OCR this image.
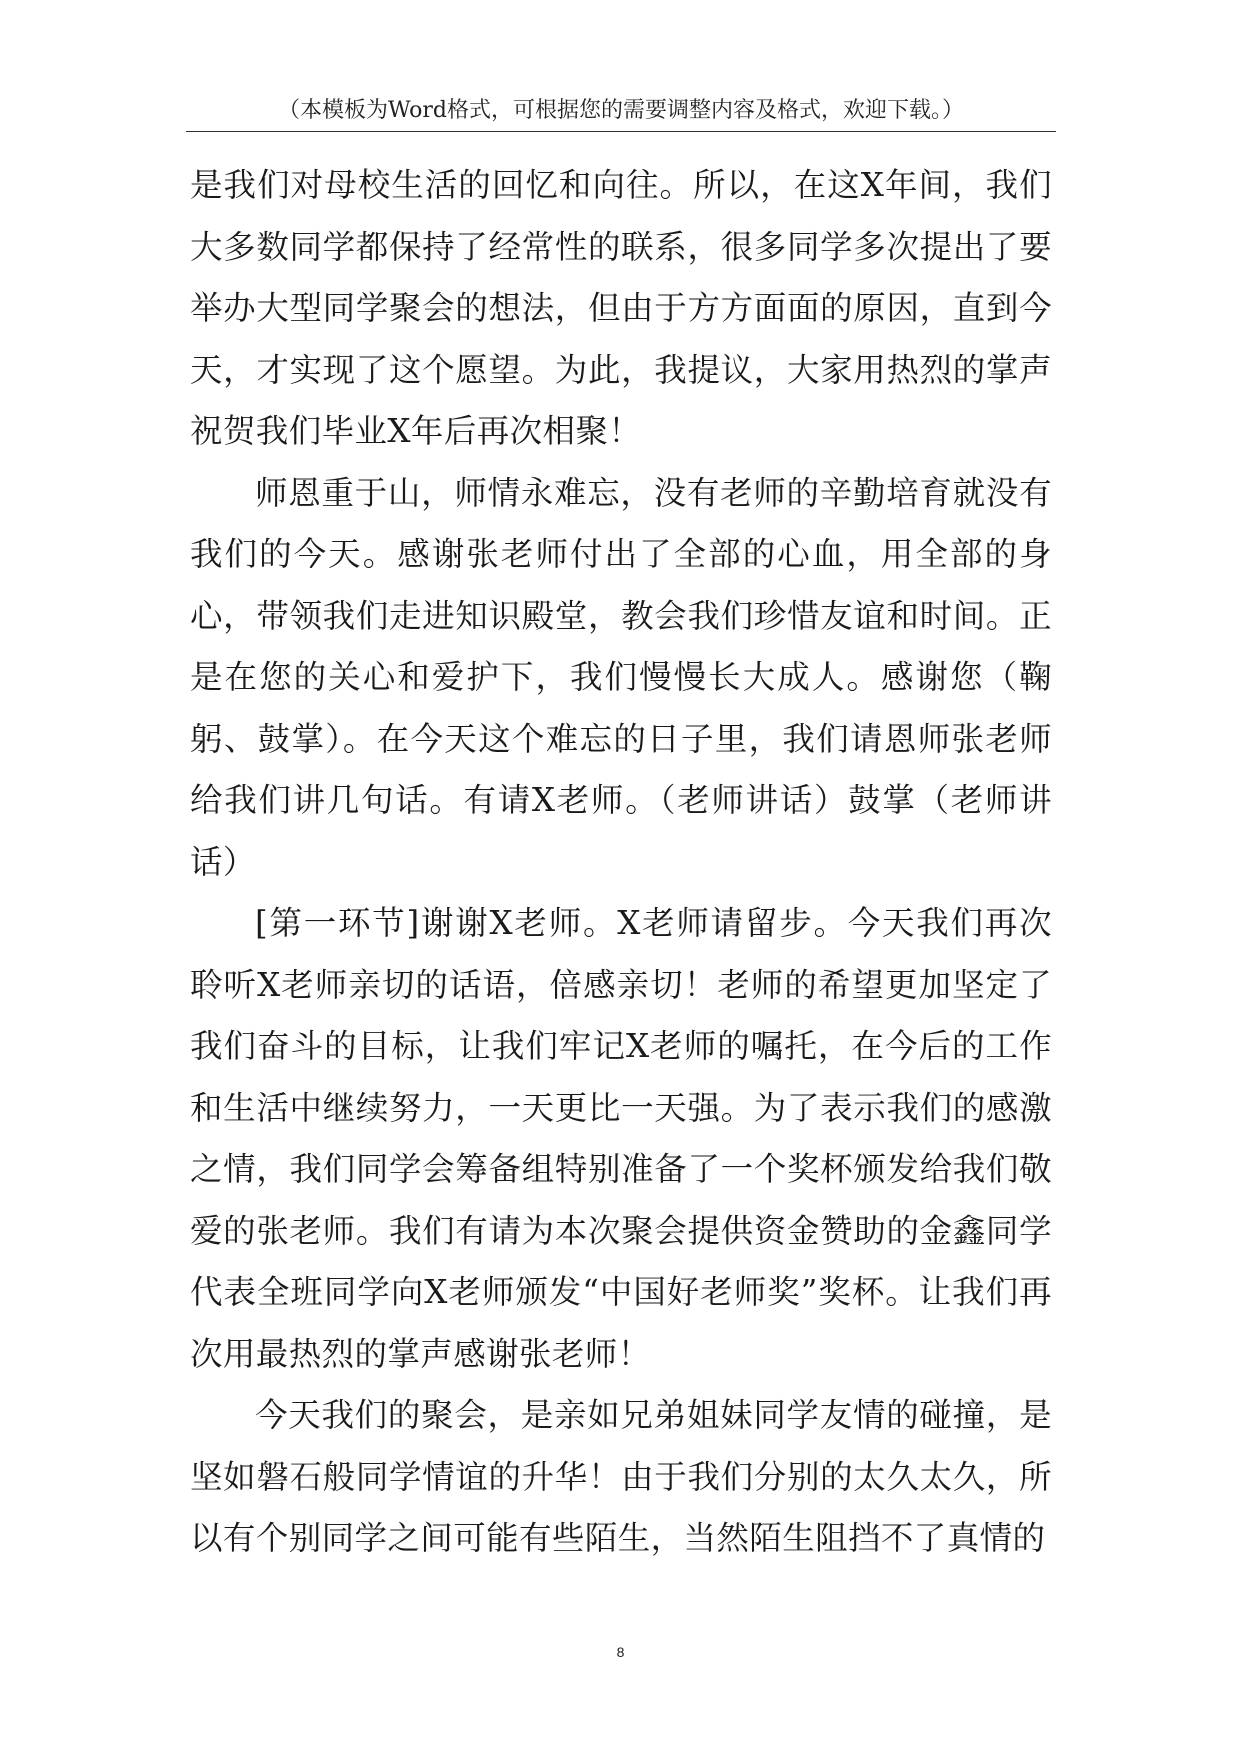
（本模板为Word格式，可根据您的需要调整内容及格式，欢迎下载。）

是我们对母校生活的回忆和向往。所以，在这X年间，我们大多数同学都保持了经常性的联系，很多同学多次提出了要举办大型同学聚会的想法，但由于方方面面的原因，直到今天，才实现了这个愿望。为此，我提议，大家用热烈的掌声祝贺我们毕业X年后再次相聚！

师恩重于山，师情永难忘，没有老师的辛勤培育就没有我们的今天。感谢张老师付出了全部的心血，用全部的身心，带领我们走进知识殿堂，教会我们珍惜友谊和时间。正是在您的关心和爱护下，我们慢慢长大成人。感谢您（鞠躬、鼓掌）。在今天这个难忘的日子里，我们请恩师张老师给我们讲几句话。有请X老师。（老师讲话）鼓掌（老师讲话）

[第一环节]谢谢X老师。X老师请留步。今天我们再次聆听X老师亲切的话语，倍感亲切！老师的希望更加坚定了我们奋斗的目标，让我们牢记X老师的嘱托，在今后的工作和生活中继续努力，一天更比一天强。为了表示我们的感激之情，我们同学会筹备组特别准备了一个奖杯颁发给我们敬爱的张老师。我们有请为本次聚会提供资金赞助的金鑫同学代表全班同学向X老师颁发“中国好老师奖”奖杯。让我们再次用最热烈的掌声感谢张老师！

今天我们的聚会，是亲如兄弟姐妹同学友情的碰撞，是坚如磐石般同学情谊的升华！由于我们分别的太久太久，所以有个别同学之间可能有些陌生，当然陌生阻挡不了真情的

8
